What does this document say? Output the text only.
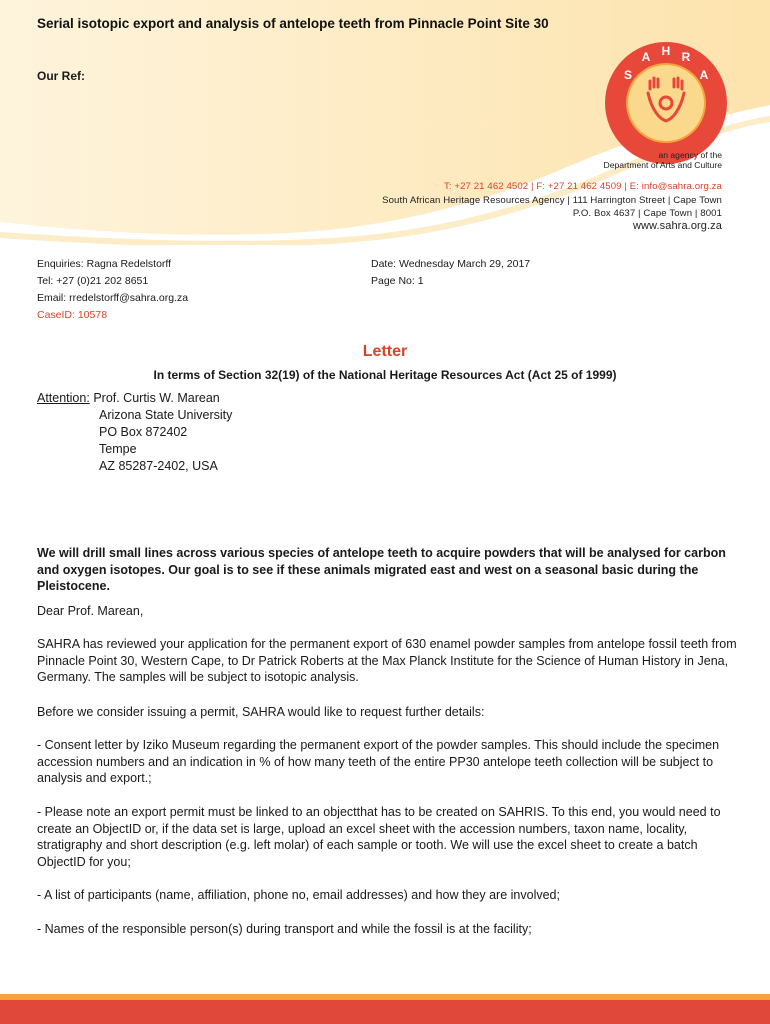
Serial isotopic export and analysis of antelope teeth from Pinnacle Point Site 30
Our Ref:	S
A H R
A
an agency of the
Department of Arts and Culture
T: +27 21 462 4502 | F: +27 21 462 4509 | E: info@sahra.org.za
South African Heritage Resources Agency | 111 Harrington Street | Cape Town
P.O. Box 4637 | Cape Town | 8001
www.sahra.org.za
Enquiries: Ragna Redelstorff
Tel: +27 (0)21 202 8651
Email: rredelstorff@sahra.org.za
CaseID: 10578
Date: Wednesday March 29, 2017
Page No: 1
Letter
In terms of Section 32(19) of the National Heritage Resources Act (Act 25 of 1999)
Attention: Prof. Curtis W. Marean
Arizona State University
PO Box 872402
Tempe
AZ 85287-2402, USA

We will drill small lines across various species of antelope teeth to acquire powders that will be analysed for carbon and oxygen isotopes. Our goal is to see if these animals migrated east and west on a seasonal basic during the Pleistocene.

Dear Prof. Marean,

SAHRA has reviewed your application for the permanent export of 630 enamel powder samples from antelope fossil teeth from Pinnacle Point 30, Western Cape, to Dr Patrick Roberts at the Max Planck Institute for the Science of Human History in Jena, Germany. The samples will be subject to isotopic analysis.

Before we consider issuing a permit, SAHRA would like to request further details:

- Consent letter by Iziko Museum regarding the permanent export of the powder samples. This should include the specimen accession numbers and an indication in % of how many teeth of the entire PP30 antelope teeth collection will be subject to analysis and export.;

- Please note an export permit must be linked to an objectthat has to be created on SAHRIS. To this end, you would need to create an ObjectID or, if the data set is large, upload an excel sheet with the accession numbers, taxon name, locality, stratigraphy and short description (e.g. left molar) of each sample or tooth. We will use the excel sheet to create a batch ObjectID for you;

- A list of participants (name, affiliation, phone no, email addresses) and how they are involved;

- Names of the responsible person(s) during transport and while the fossil is at the facility;
